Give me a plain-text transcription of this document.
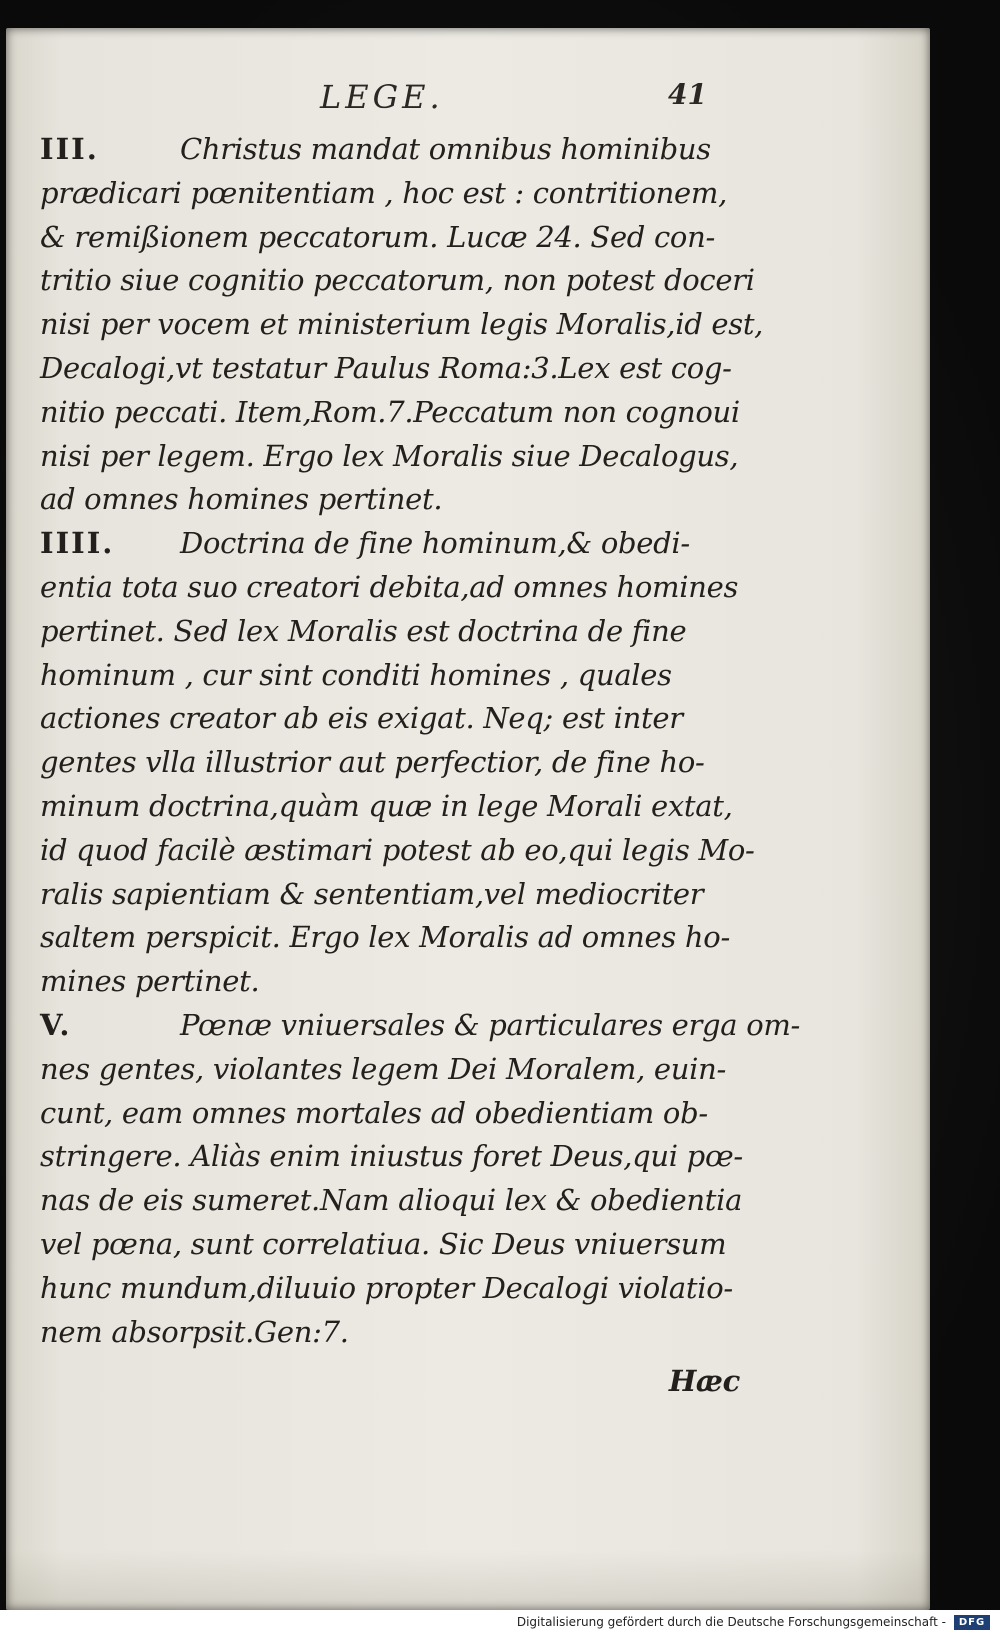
LEGE.	41
III.	Christus mandat omnibus hominibus
prædicari pœnitentiam , hoc est : contritionem,
& remißionem peccatorum. Lucæ 24. Sed con-
tritio siue cognitio peccatorum, non potest doceri
nisi per vocem et ministerium legis Moralis,id est,
Decalogi,vt testatur Paulus Roma:3.Lex est cog-
nitio peccati. Item,Rom.7.Peccatum non cognoui
nisi per legem. Ergo lex Moralis siue Decalogus,
ad omnes homines pertinet.
IIII. Doctrina de fine hominum,& obedi-
entia tota suo creatori debita,ad omnes homines
pertinet. Sed lex Moralis est doctrina de fine
hominum , cur sint conditi homines , quales
actiones creator ab eis exigat. Neq; est inter
gentes vlla illustrior aut perfectior, de fine ho-
minum doctrina,quàm quæ in lege Morali extat,
id quod facilè æstimari potest ab eo,qui legis Mo-
ralis sapientiam & sententiam,vel mediocriter
saltem perspicit. Ergo lex Moralis ad omnes ho-
mines pertinet.
V.	Pœnæ vniuersales & particulares erga om-
nes gentes, violantes legem Dei Moralem, euin-
cunt, eam omnes mortales ad obedientiam ob-
stringere. Aliàs enim iniustus foret Deus,qui pœ-
nas de eis sumeret.Nam alioqui lex & obedientia
vel pœna, sunt correlatiua. Sic Deus vniuersum
hunc mundum,diluuio propter Decalogi violatio-
nem absorpsit.Gen:7.
Hæc
Digitalisierung gefördert durch die Deutsche Forschungsgemeinschaft -	DFG
